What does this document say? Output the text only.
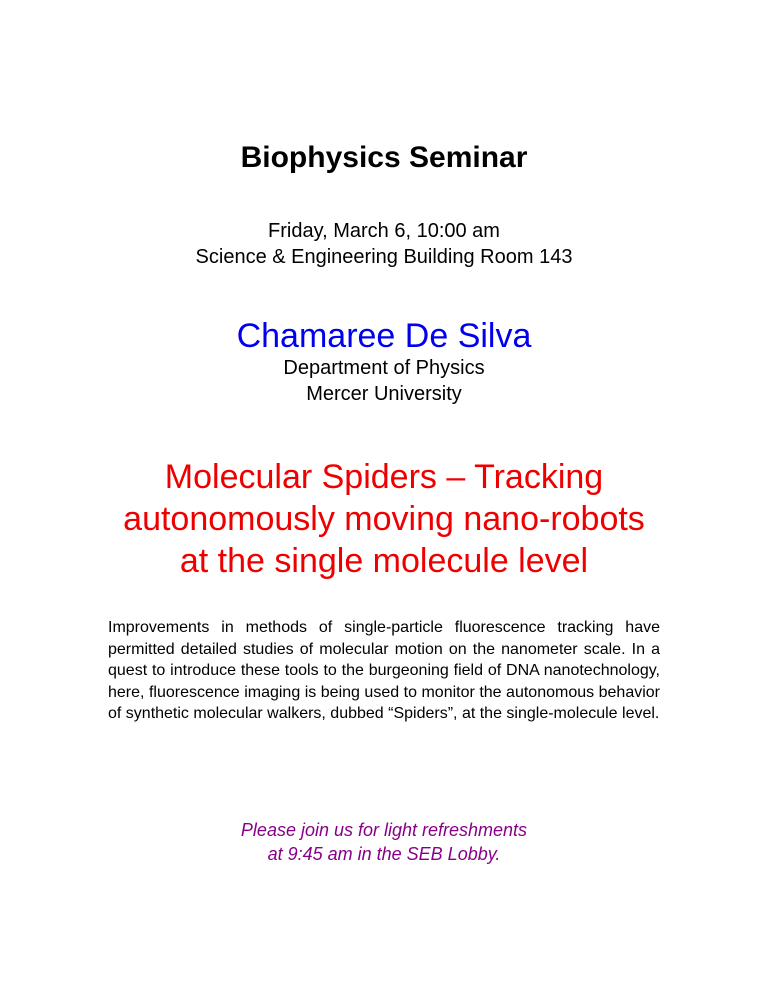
Biophysics Seminar
Friday, March 6, 10:00 am
Science & Engineering Building Room 143
Chamaree De Silva
Department of Physics
Mercer University
Molecular Spiders – Tracking
autonomously moving nano-robots
at the single molecule level

Improvements in methods of single-particle fluorescence tracking have permitted detailed studies of molecular motion on the nanometer scale. In a quest to introduce these tools to the burgeoning field of DNA nanotechnology, here, fluorescence imaging is being used to monitor the autonomous behavior of synthetic molecular walkers, dubbed “Spiders”, at the single-molecule level.

Please join us for light refreshments
at 9:45 am in the SEB Lobby.
